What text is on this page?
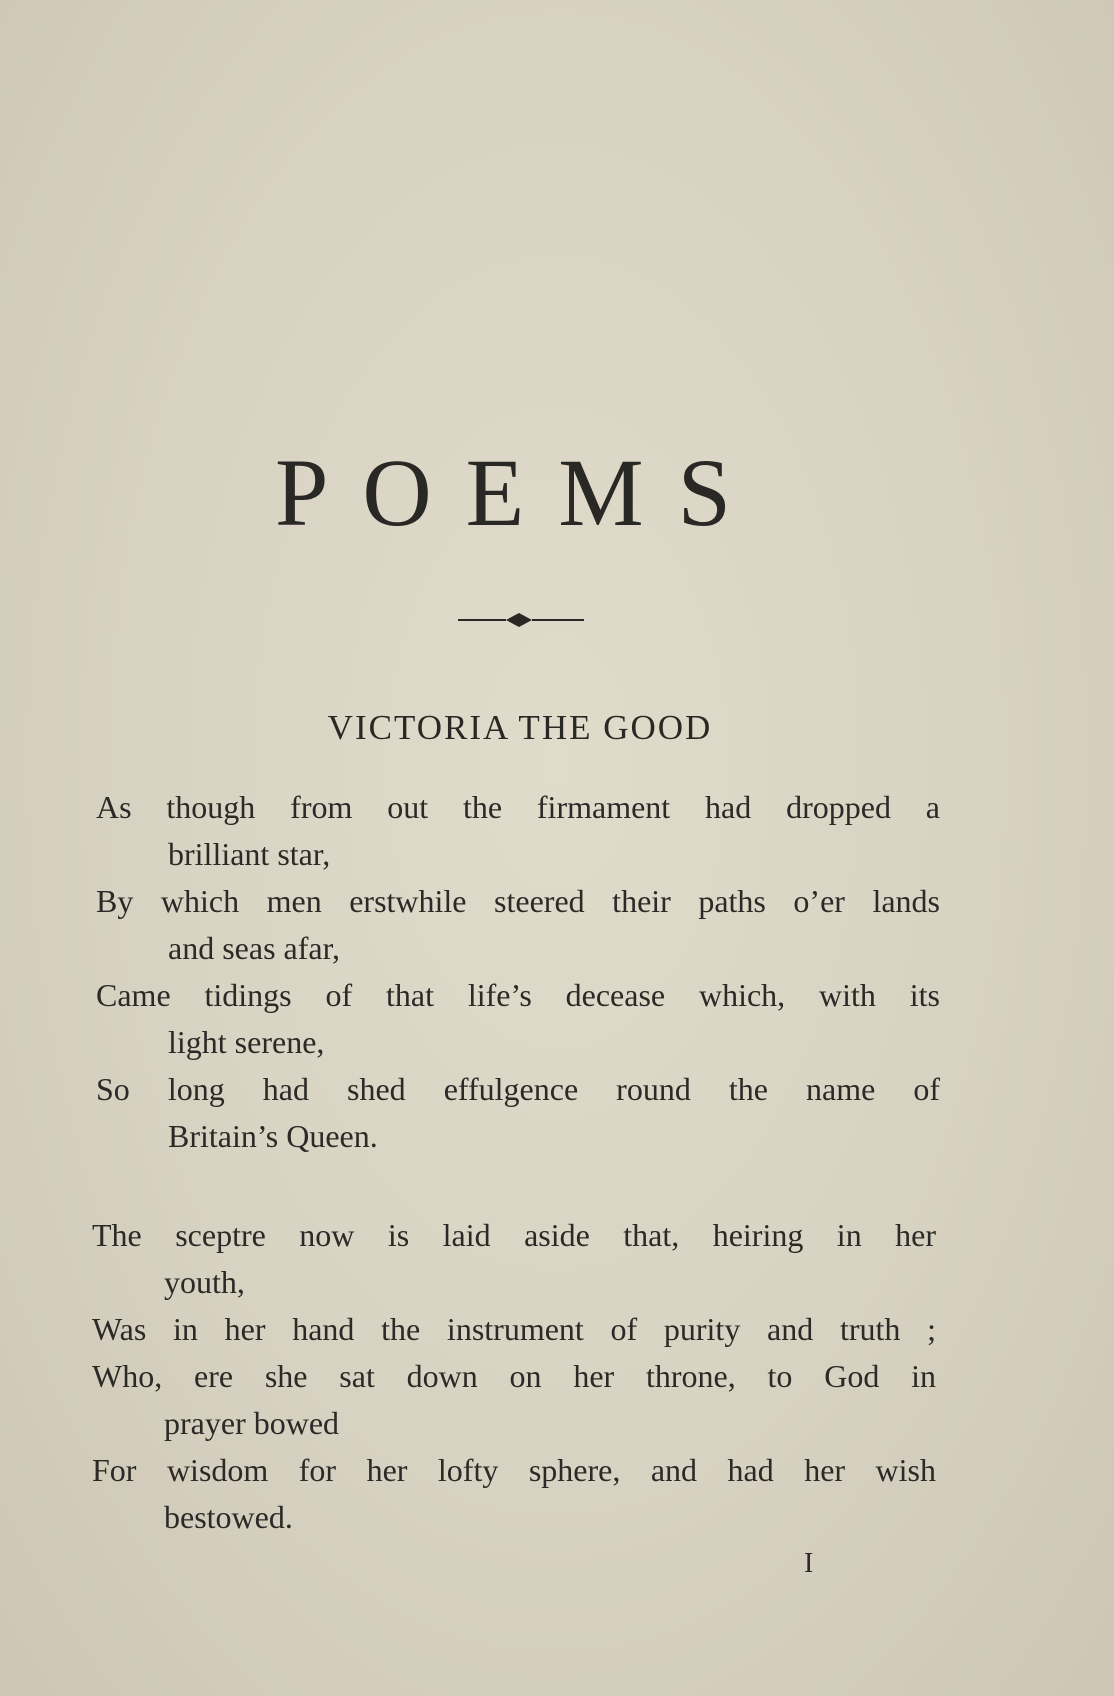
POEMS
VICTORIA THE GOOD
As though from out the firmament had dropped a
brilliant star,
By which men erstwhile steered their paths o’er lands
and seas afar,
Came tidings of that life’s decease which, with its
light serene,
So long had shed effulgence round the name of
Britain’s Queen.
The sceptre now is laid aside that, heiring in her
youth,
Was in her hand the instrument of purity and truth ;
Who, ere she sat down on her throne, to God in
prayer bowed
For wisdom for her lofty sphere, and had her wish
bestowed.
I
